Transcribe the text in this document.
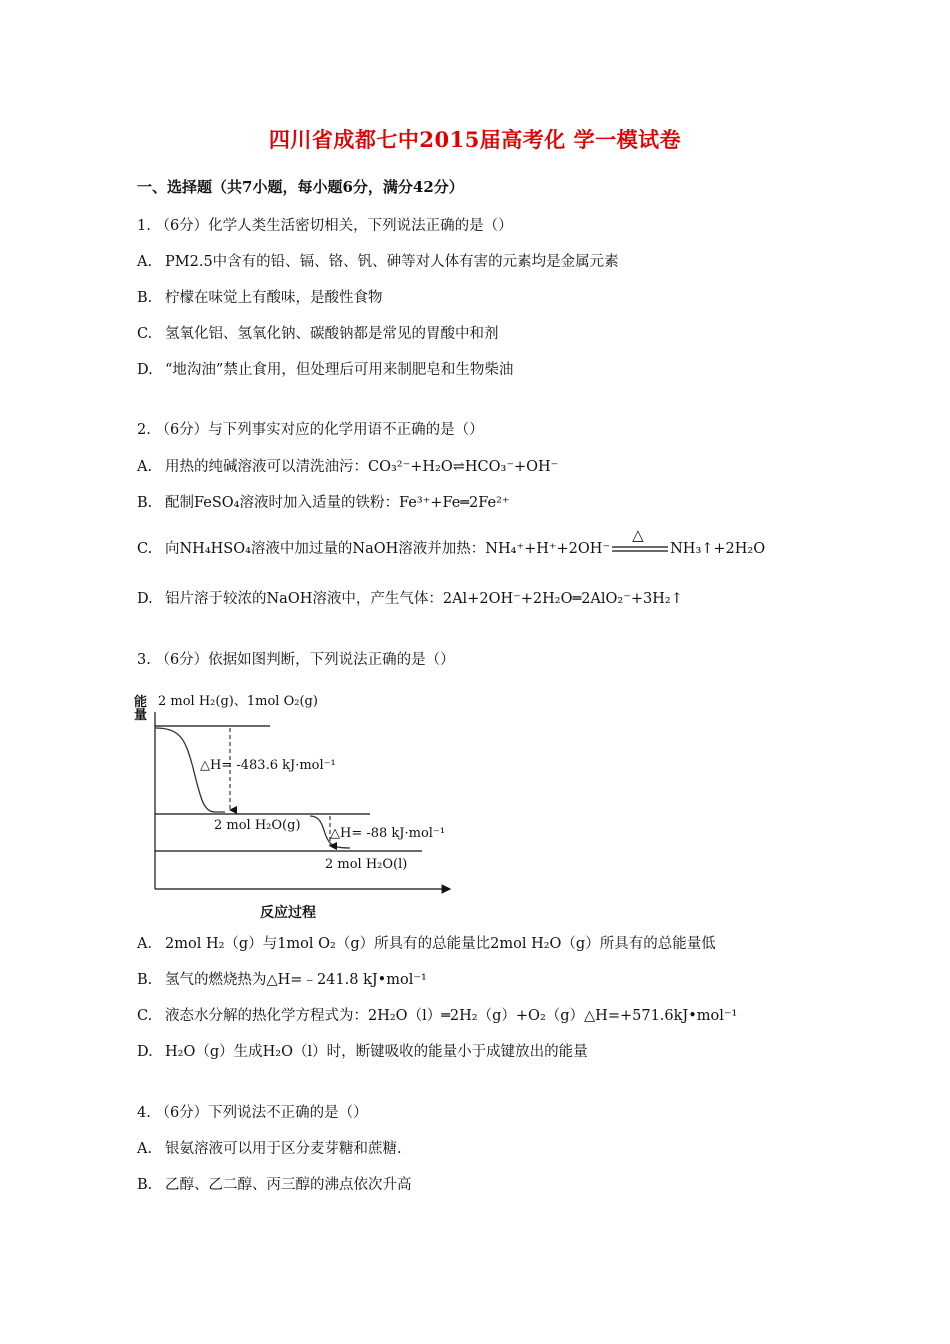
四川省成都七中2015届高考化 学一模试卷
一、选择题（共7小题，每小题6分，满分42分）
1. （6分）化学人类生活密切相关，下列说法正确的是（）
A. PM2.5中含有的铅、镉、铬、钒、砷等对人体有害的元素均是金属元素
B. 柠檬在味觉上有酸味，是酸性食物
C. 氢氧化铝、氢氧化钠、碳酸钠都是常见的胃酸中和剂
D. “地沟油”禁止食用，但处理后可用来制肥皂和生物柴油
2. （6分）与下列事实对应的化学用语不正确的是（）
A. 用热的纯碱溶液可以清洗油污：CO₃²⁻+H₂O⇌HCO₃⁻+OH⁻
B. 配制FeSO₄溶液时加入适量的铁粉：Fe³⁺+Fe═2Fe²⁺
C. 向NH₄HSO₄溶液中加过量的NaOH溶液并加热：NH₄⁺+H⁺+2OH⁻
△
NH₃↑+2H₂O
D. 铝片溶于较浓的NaOH溶液中，产生气体：2Al+2OH⁻+2H₂O═2AlO₂⁻+3H₂↑
3. （6分）依据如图判断，下列说法正确的是（）
能量
2 mol H₂(g)、1mol O₂(g)
△H= -483.6 kJ·mol⁻¹
2 mol H₂O(g)
△H= -88 kJ·mol⁻¹
2 mol H₂O(l)
反应过程
A. 2mol H₂（g）与1mol O₂（g）所具有的总能量比2mol H₂O（g）所具有的总能量低
B. 氢气的燃烧热为△H=﹣241.8 kJ•mol⁻¹
C. 液态水分解的热化学方程式为：2H₂O（l）═2H₂（g）+O₂（g）△H=+571.6kJ•mol⁻¹
D. H₂O（g）生成H₂O（l）时，断键吸收的能量小于成键放出的能量
4. （6分）下列说法不正确的是（）
A. 银氨溶液可以用于区分麦芽糖和蔗糖.
B. 乙醇、乙二醇、丙三醇的沸点依次升高
